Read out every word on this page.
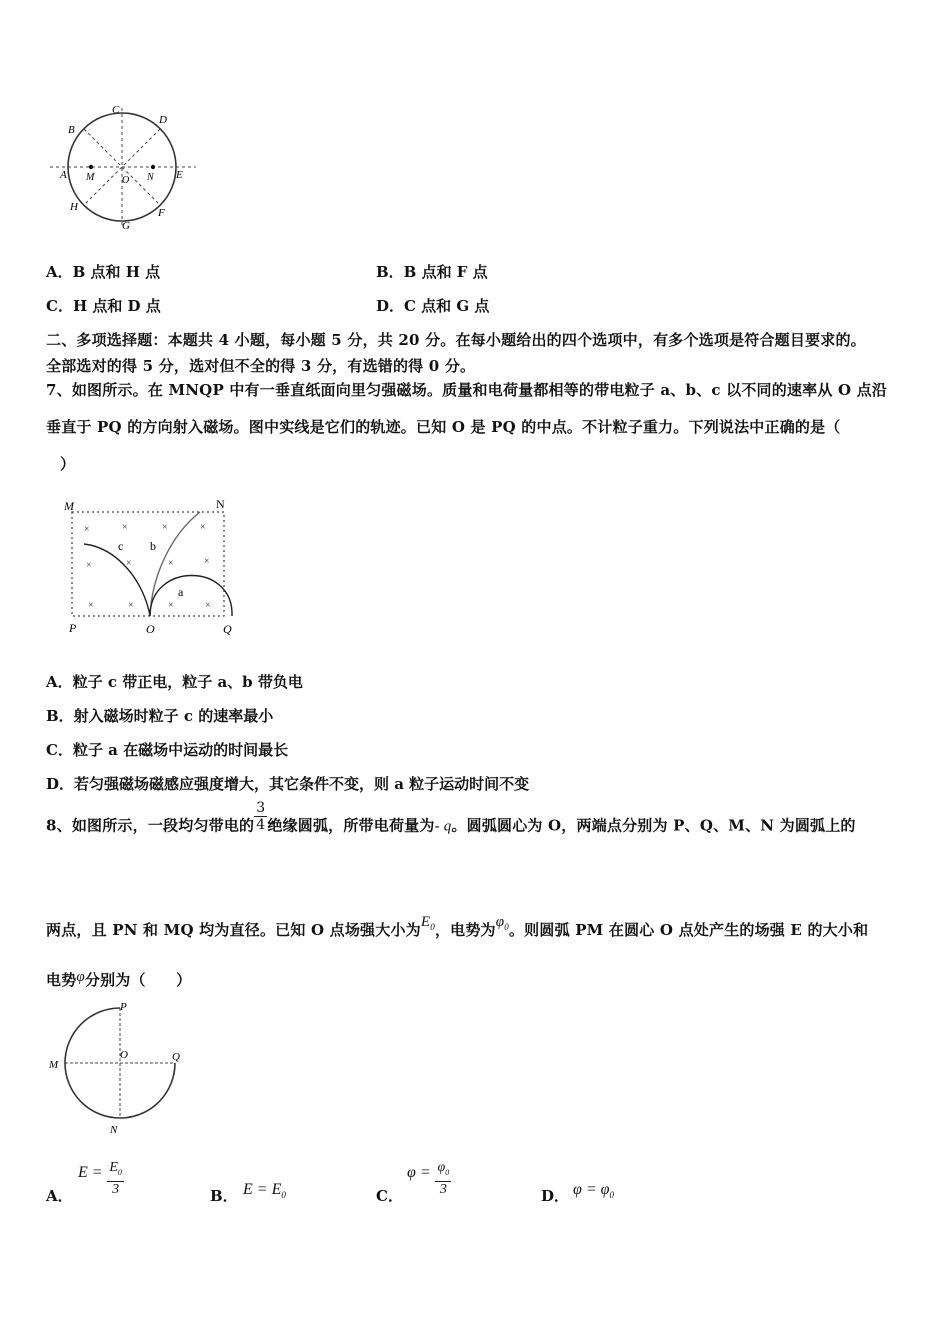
C
D
B
A M	O N E
H	F
G
A．B 点和 H 点	B．B 点和 F 点
C．H 点和 D 点	D．C 点和 G 点
二、多项选择题：本题共 4 小题，每小题 5 分，共 20 分。在每小题给出的四个选项中，有多个选项是符合题目要求的。
全部选对的得 5 分，选对但不全的得 3 分，有选错的得 0 分。
7、如图所示。在 MNQP 中有一垂直纸面向里匀强磁场。质量和电荷量都相等的带电粒子 a、b、c 以不同的速率从 O 点沿
垂直于 PQ 的方向射入磁场。图中实线是它们的轨迹。已知 O 是 PQ 的中点。不计粒子重力。下列说法中正确的是（
）
M	N
P	O	Q
×	×	×	×
×	×	×	×
×	×	×	×
c b
a
A．粒子 c 带正电，粒子 a、b 带负电
B．射入磁场时粒子 c 的速率最小
C．粒子 a 在磁场中运动的时间最长
D．若匀强磁场磁感应强度增大，其它条件不变，则 a 粒子运动时间不变
8、如图所示，一段均匀带电的 $\frac{3}{4}$ 绝缘圆弧，所带电荷量为- q。圆弧圆心为 O，两端点分别为 P、Q、M、N 为圆弧上的
两点，且 PN 和 MQ 均为直径。已知 O 点场强大小为$E_0$，电势为$\varphi_0$。则圆弧 PM 在圆心 O 点处产生的场强 E 的大小和
电势φ分别为（　　）
P
M
O	Q
N
A．
$E = \frac{E_0}{3}$	B． $E = E_0$	C．
$\varphi = \frac{\varphi_0}{3}$	D． $\varphi = \varphi_0$
